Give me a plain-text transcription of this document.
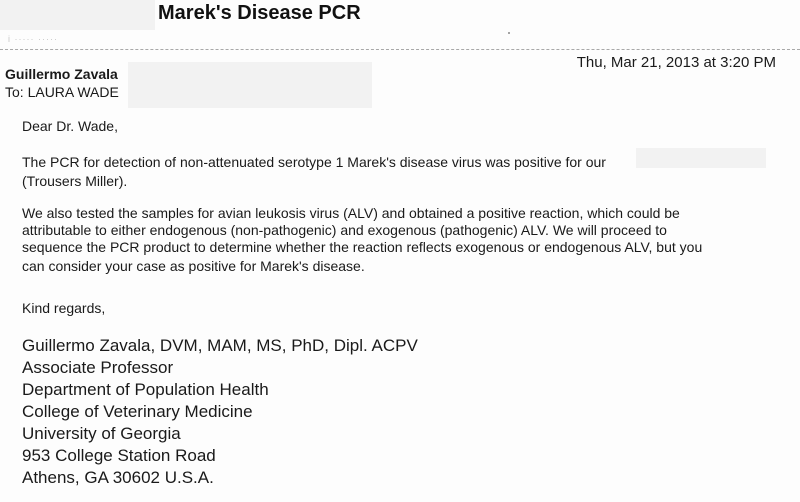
Marek's Disease PCR
i ····· ·····
Guillermo Zavala
Thu, Mar 21, 2013 at 3:20 PM
To: LAURA WADE
Dear Dr. Wade,
The PCR for detection of non-attenuated serotype 1 Marek's disease virus was positive for our
(Trousers Miller).
We also tested the samples for avian leukosis virus (ALV) and obtained a positive reaction, which could be
attributable to either endogenous (non-pathogenic) and exogenous (pathogenic) ALV. We will proceed to
sequence the PCR product to determine whether the reaction reflects exogenous or endogenous ALV, but you
can consider your case as positive for Marek's disease.
Kind regards,
Guillermo Zavala, DVM, MAM, MS, PhD, Dipl. ACPV
Associate Professor
Department of Population Health
College of Veterinary Medicine
University of Georgia
953 College Station Road
Athens, GA 30602 U.S.A.
